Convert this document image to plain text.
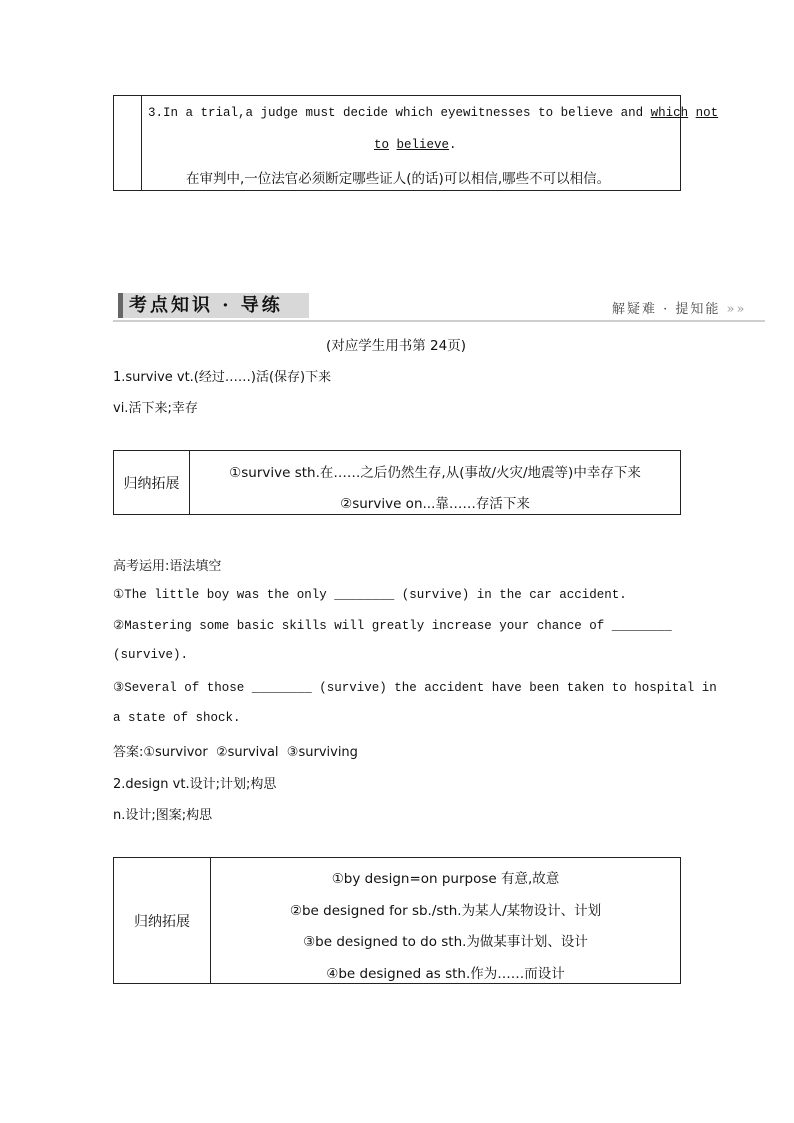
3.In a trial,a judge must decide which eyewitnesses to believe and which not
to believe.
在审判中,一位法官必须断定哪些证人(的话)可以相信,哪些不可以相信。
考点知识 · 导练	解疑难 · 提知能 »»
(对应学生用书第 24页)
1.survive vt.(经过……)活(保存)下来
vi.活下来;幸存
归纳拓展
①survive sth.在……之后仍然生存,从(事故/火灾/地震等)中幸存下来
②survive on...靠……存活下来
高考运用:语法填空
①The little boy was the only ________ (survive) in the car accident.
②Mastering some basic skills will greatly increase your chance of ________
(survive).
③Several of those ________ (survive) the accident have been taken to hospital in
a state of shock.
答案:①survivor  ②survival  ③surviving
2.design vt.设计;计划;构思
n.设计;图案;构思
归纳拓展
①by design=on purpose 有意,故意
②be designed for sb./sth.为某人/某物设计、计划
③be designed to do sth.为做某事计划、设计
④be designed as sth.作为……而设计
